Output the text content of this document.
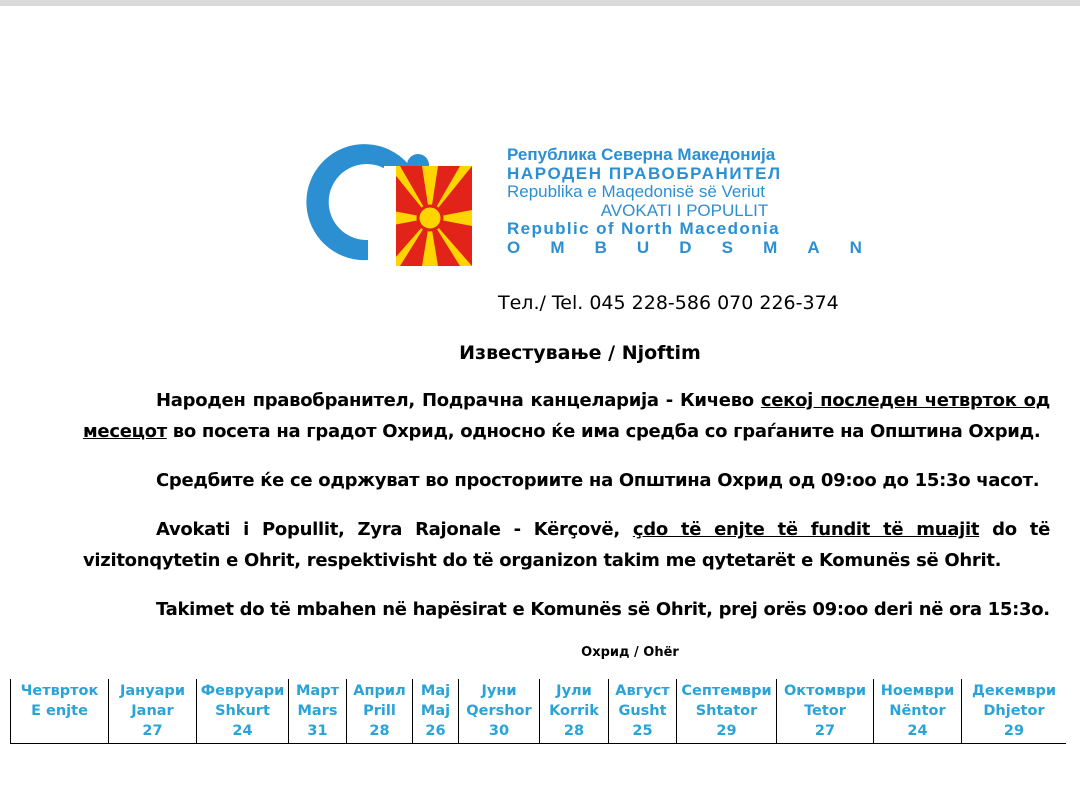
Република Северна Македонија
НАРОДЕН ПРАВОБРАНИТЕЛ
Republika e Maqedonisë së Veriut
AVOKATI I POPULLIT
Republic of North Macedonia
O M B U D S M A N
Тел./ Tel. 045 228-586 070 226-374
Известување / Njoftim
Народен правобранител, Подрачна канцеларија - Кичево секој последен четврток од месецот во посета на градот Охрид, односно ќе има средба со граѓаните на Општина Охрид.
Средбите ќе се одржуват во просториите на Општина Охрид од 09:oo до 15:3o часот.
Avokati i Popullit, Zyra Rajonale - Kërçovë, çdo të enjte të fundit të muajit do të vizitonqytetin e Ohrit, respektivisht do të organizon takim me qytetarët e Komunës së Ohrit.
Takimet do të mbahen në hapësirat e Komunës së Ohrit, prej orës 09:oo deri në ora 15:3o.
Охрид / Ohër
Четврток
E enjte

Јануари
Janar
27

Февруари
Shkurt
24

Март
Mars
31

Април
Prill
28

Мај
Maj
26

Јуни
Qershor
30

Јули
Korrik
28

Август
Gusht
25

Септември
Shtator
29

Октомври
Tetor
27

Ноември
Nëntor
24

Декември
Dhjetor
29
